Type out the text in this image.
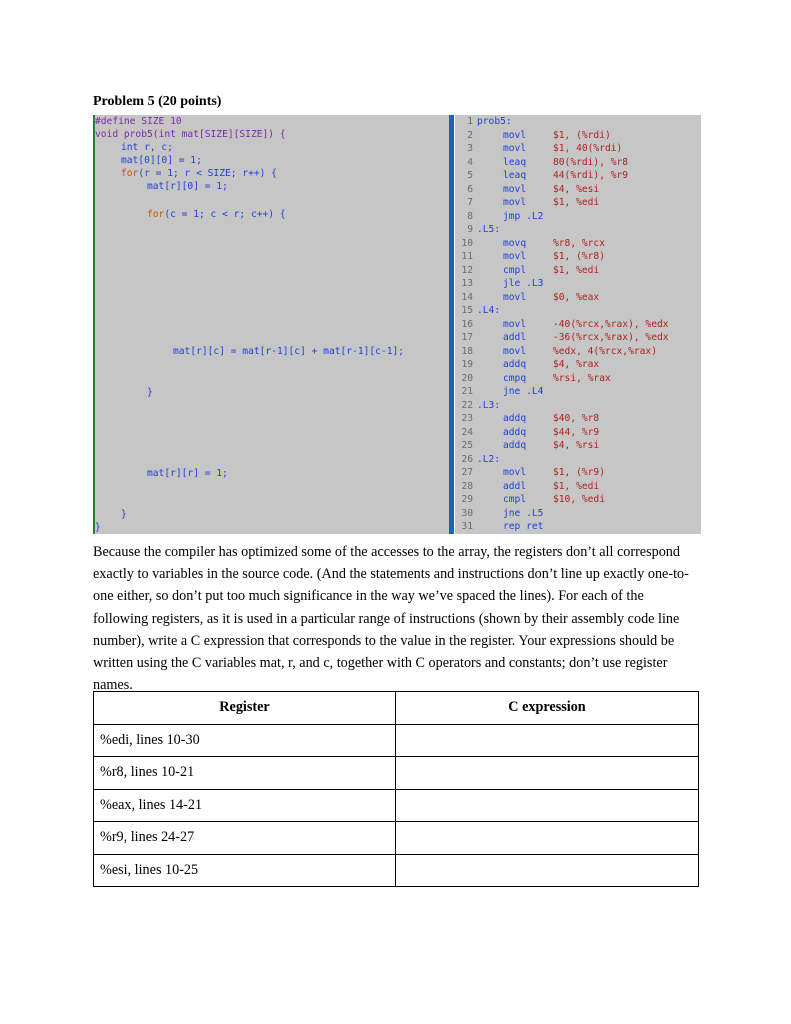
Problem 5 (20 points)
#define SIZE 10
void prob5(int mat[SIZE][SIZE]) {
int r, c;
mat[0][0] = 1;
for(r = 1; r < SIZE; r++) {
mat[r][0] = 1;
for(c = 1; c < r; c++) {
mat[r][c] = mat[r-1][c] + mat[r-1][c-1];
}
mat[r][r] = 1;
}
}
1 prob5:
2	movl	$1, (%rdi)
3	movl	$1, 40(%rdi)
4	leaq	80(%rdi), %r8
5	leaq	44(%rdi), %r9
6	movl	$4, %esi
7	movl	$1, %edi
8	jmp .L2
9 .L5:
10	movq	%r8, %rcx
11	movl	$1, (%r8)
12	cmpl	$1, %edi
13	jle .L3
14	movl	$0, %eax
15 .L4:
16	movl	-40(%rcx,%rax), %edx
17	addl	-36(%rcx,%rax), %edx
18	movl	%edx, 4(%rcx,%rax)
19	addq	$4, %rax
20	cmpq	%rsi, %rax
21	jne .L4
22 .L3:
23	addq	$40, %r8
24	addq	$44, %r9
25	addq	$4, %rsi
26 .L2:
27	movl	$1, (%r9)
28	addl	$1, %edi
29	cmpl	$10, %edi
30	jne .L5
31	rep ret
Because the compiler has optimized some of the accesses to the array, the registers don’t all correspond exactly to variables in the source code. (And the statements and instructions don’t line up exactly one-to-one either, so don’t put too much significance in the way we’ve spaced the lines). For each of the following registers, as it is used in a particular range of instructions (shown by their assembly code line number), write a C expression that corresponds to the value in the register. Your expressions should be written using the C variables mat, r, and c, together with C operators and constants; don’t use register names.
Register	C expression
%edi, lines 10-30	
%r8, lines 10-21	
%eax, lines 14-21	
%r9, lines 24-27	
%esi, lines 10-25	
